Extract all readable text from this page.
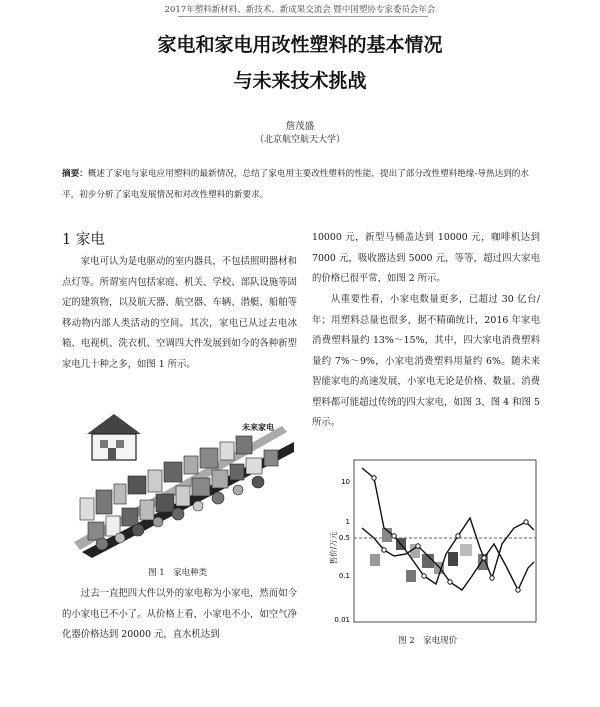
2017年塑料新材料、新技术、新成果交流会 暨中国塑协专家委员会年会
家电和家电用改性塑料的基本情况
与未来技术挑战
詹茂盛
（北京航空航天大学）
摘要：概述了家电与家电应用塑料的最新情况，总结了家电用主要改性塑料的性能，提出了部分改性塑料绝缘-导热达到的水平，初步分析了家电发展情况和对改性塑料的新要求。
1 家电
家电可认为是电驱动的室内器具，不包括照明器材和点灯等。所谓室内包括家庭、机关、学校、部队设施等固定的建筑物，以及航天器、航空器、车辆、潜艇、船舶等移动物内部人类活动的空间。其次，家电已从过去电冰箱、电视机、洗衣机、空调四大件发展到如今的各种新型家电几十种之多，如图 1 所示。
未来家电
图 1　家电种类
过去一直把四大件以外的家电称为小家电，然而如今的小家电已不小了。从价格上看，小家电不小，如空气净化器价格达到 20000 元，直水机达到
10000 元，新型马桶盖达到 10000 元，咖啡机达到 7000 元，吸收器达到 5000 元，等等，超过四大家电的价格已很平常，如图 2 所示。
从重要性看，小家电数量更多，已超过 30 亿台/年；用塑料总量也很多，据不精确统计，2016 年家电消费塑料量约 13%～15%，其中，四大家电消费塑料量约 7%～9%，小家电消费塑料用量约 6%。随未来智能家电的高速发展，小家电无论是价格、数量、消费塑料都可能超过传统的四大家电，如图 3、图 4 和图 5 所示。
售价/万元
10
1
0.5
0.1
0.01
图 2　家电现价
